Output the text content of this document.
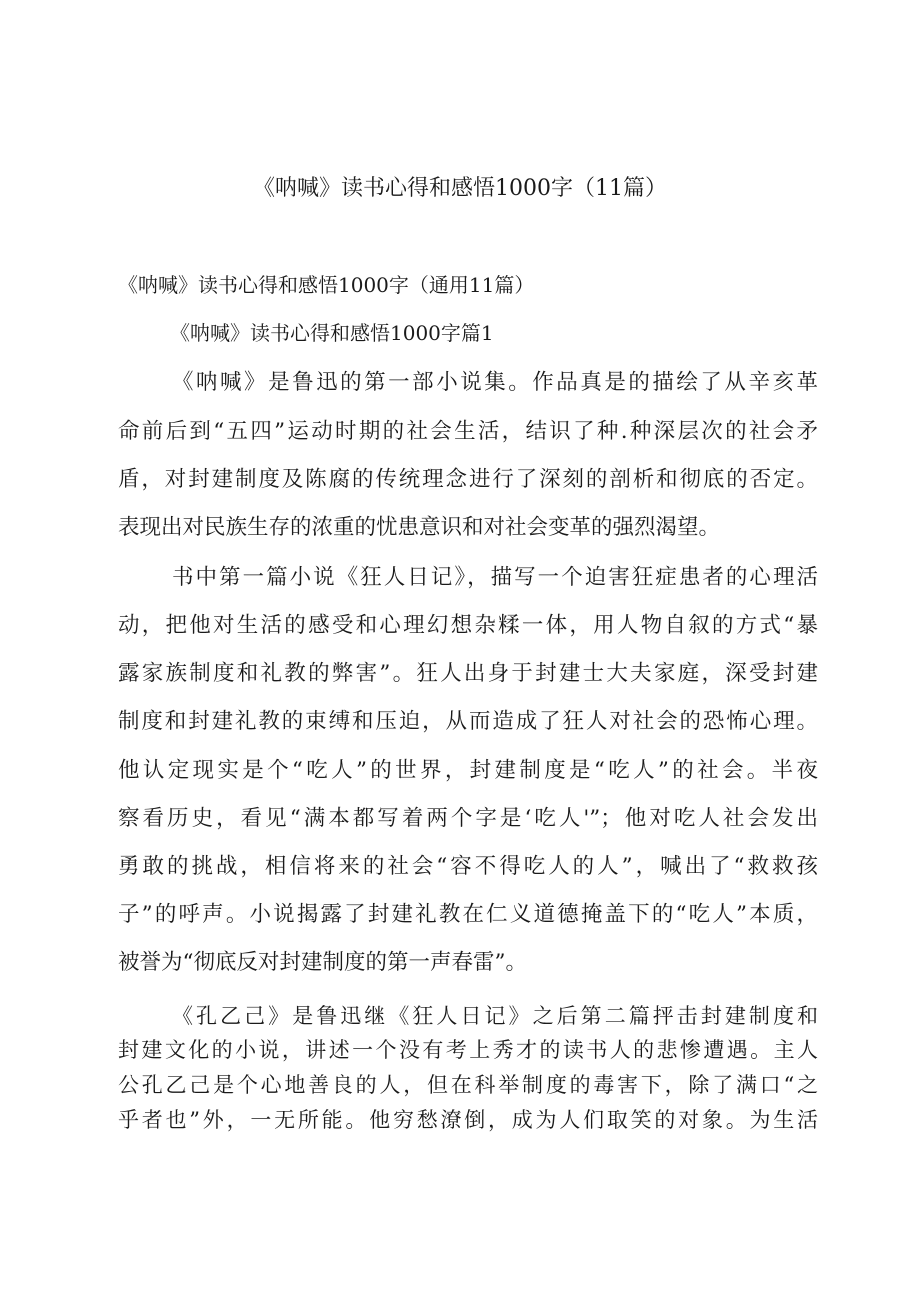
《呐喊》读书心得和感悟1000字（11篇）
《呐喊》读书心得和感悟1000字（通用11篇）
《呐喊》读书心得和感悟1000字篇1
《呐喊》是鲁迅的第一部小说集。作品真是的描绘了从辛亥革
命前后到“五四”运动时期的社会生活，结识了种.种深层次的社会矛
盾，对封建制度及陈腐的传统理念进行了深刻的剖析和彻底的否定。
表现出对民族生存的浓重的忧患意识和对社会变革的强烈渴望。
书中第一篇小说《狂人日记》，描写一个迫害狂症患者的心理活
动，把他对生活的感受和心理幻想杂糅一体，用人物自叙的方式“暴
露家族制度和礼教的弊害”。狂人出身于封建士大夫家庭，深受封建
制度和封建礼教的束缚和压迫，从而造成了狂人对社会的恐怖心理。
他认定现实是个“吃人”的世界，封建制度是“吃人”的社会。半夜
察看历史，看见“满本都写着两个字是‘吃人'”；他对吃人社会发出
勇敢的挑战，相信将来的社会“容不得吃人的人”，喊出了“救救孩
子”的呼声。小说揭露了封建礼教在仁义道德掩盖下的“吃人”本质，
被誉为“彻底反对封建制度的第一声春雷”。
《孔乙己》是鲁迅继《狂人日记》之后第二篇抨击封建制度和
封建文化的小说，讲述一个没有考上秀才的读书人的悲惨遭遇。主人
公孔乙己是个心地善良的人，但在科举制度的毒害下，除了满口“之
乎者也”外，一无所能。他穷愁潦倒，成为人们取笑的对象。为生活
